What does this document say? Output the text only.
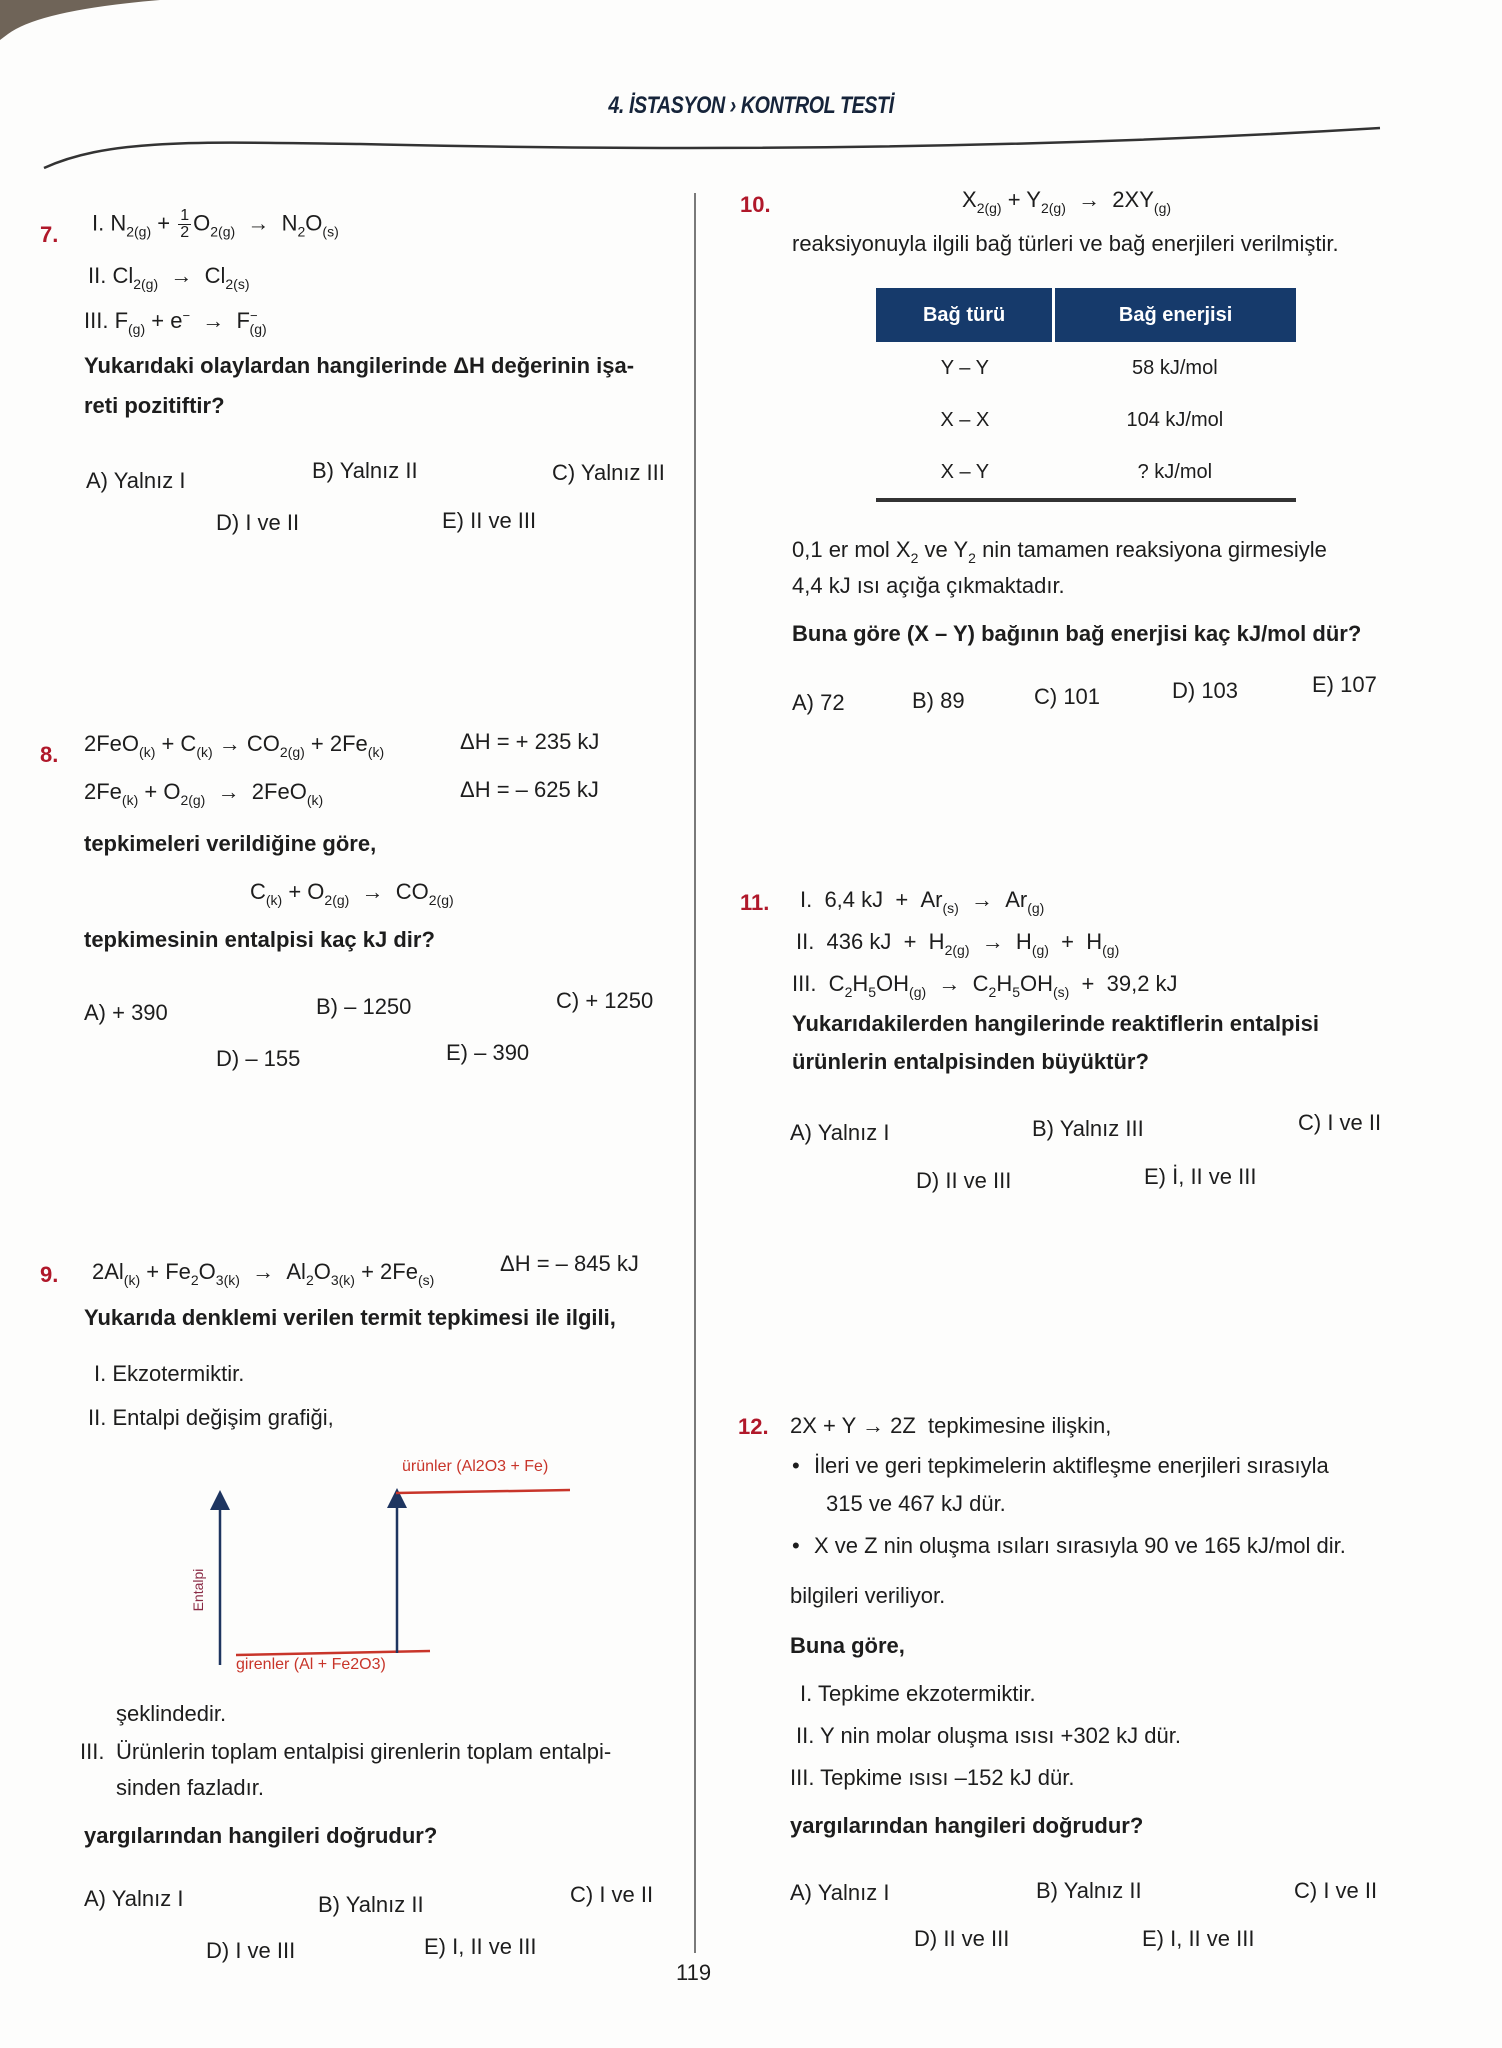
4. İSTASYON › KONTROL TESTİ
7. I. $N_{2(g)} + \frac{1}{2} O_{2(g)} \to N_2O_{(s)}$
II. $Cl_{2(g)} \to Cl_{2(s)}$
III. $F_{(g)} + e^- \to F^-_{(g)}$
Yukarıdaki olaylardan hangilerinde ΔH değerinin işa-
reti pozitiftir?
A) Yalnız I	B) Yalnız II	C) Yalnız III
D) I ve II	E) II ve III
8. $2FeO_{(k)} + C_{(k)} \to CO_{2(g)} + 2Fe_{(k)}$	ΔH = + 235 kJ
$2Fe_{(k)} + O_{2(g)} \to 2FeO_{(k)}$	ΔH = – 625 kJ
tepkimeleri verildiğine göre,
$C_{(k)} + O_{2(g)} \to CO_{2(g)}$
tepkimesinin entalpisi kaç kJ dir?
A) + 390	B) – 1250	C) + 1250
D) – 155	E) – 390
9. $2Al_{(k)} + Fe_2O_{3(k)} \to Al_2O_{3(k)} + 2Fe_{(s)}$
ΔH = – 845 kJ
Yukarıda denklemi verilen termit tepkimesi ile ilgili,
I. Ekzotermiktir.
II. Entalpi değişim grafiği,
Entalpi
ürünler (Al2O3 + Fe)
girenler (Al + Fe2O3)
şeklindedir.
III. Ürünlerin toplam entalpisi girenlerin toplam entalpi-
sinden fazladır.
yargılarından hangileri doğrudur?
A) Yalnız I	B) Yalnız II	C) I ve II
D) I ve III	E) I, II ve III
119
10.	$X_{2(g)} + Y_{2(g)} \to 2XY_{(g)}$
reaksiyonuyla ilgili bağ türleri ve bağ enerjileri verilmiştir.
Bağ türü	Bağ enerjisi
Y – Y	58 kJ/mol
X – X	104 kJ/mol
X – Y	? kJ/mol
0,1 er mol $X_2$ ve $Y_2$ nin tamamen reaksiyona girmesiyle
4,4 kJ ısı açığa çıkmaktadır.
Buna göre (X – Y) bağının bağ enerjisi kaç kJ/mol dür?
A) 72	B) 89	C) 101	D) 103	E) 107
11. I.  6,4 kJ  +  $Ar_{(s)} \to Ar_{(g)}$
II.  436 kJ  +  $H_{2(g)} \to H_{(g)} + H_{(g)}$
III.  $C_2H_5OH_{(g)} \to C_2H_5OH_{(s)} + 39,2$ kJ
Yukarıdakilerden hangilerinde reaktiflerin entalpisi
ürünlerin entalpisinden büyüktür?
A) Yalnız I	B) Yalnız III	C) I ve II
D) II ve III	E) İ, II ve III
12. 2X + Y → 2Z tepkimesine ilişkin,
• İleri ve geri tepkimelerin aktifleşme enerjileri sırasıyla
315 ve 467 kJ dür.
• X ve Z nin oluşma ısıları sırasıyla 90 ve 165 kJ/mol dir.
bilgileri veriliyor.
Buna göre,
I. Tepkime ekzotermiktir.
II. Y nin molar oluşma ısısı +302 kJ dür.
III. Tepkime ısısı –152 kJ dür.
yargılarından hangileri doğrudur?
A) Yalnız I	B) Yalnız II	C) I ve II
D) II ve III	E) I, II ve III
